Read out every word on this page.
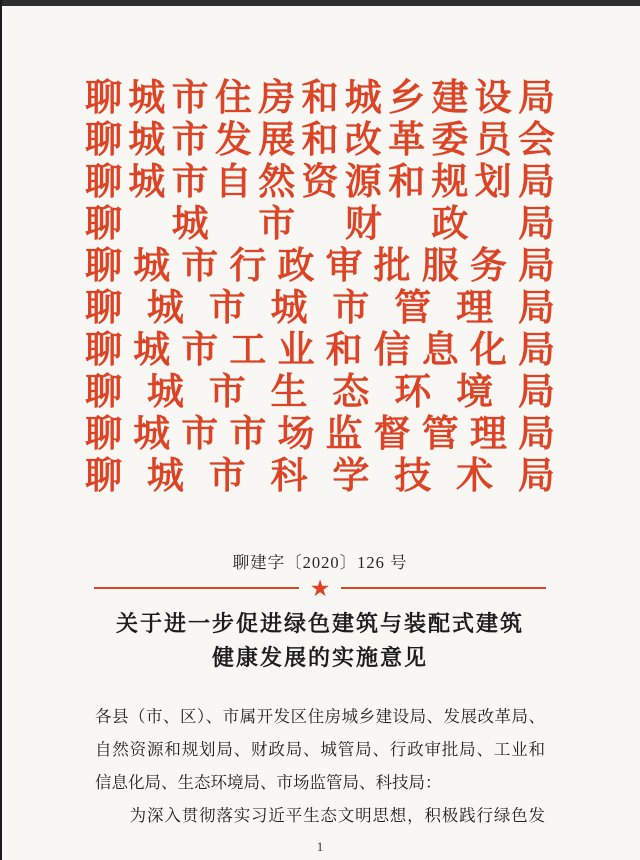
聊 城 市 住 房 和 城 乡 建 设 局
聊 城 市 发 展 和 改 革 委 员 会
聊 城 市 自 然 资 源 和 规 划 局
聊 城 市 财 政 局
聊 城 市 行 政 审 批 服 务 局
聊 城 市 城 市 管 理 局
聊 城 市 工 业 和 信 息 化 局
聊 城 市 生 态 环 境 局
聊 城 市 市 场 监 督 管 理 局
聊 城 市 科 学 技 术 局
聊建字〔2020〕126 号
★
关于进一步促进绿色建筑与装配式建筑
健康发展的实施意见
各县（市、区）、市属开发区住房城乡建设局、发展改革局、
自然资源和规划局、财政局、城管局、行政审批局、工业和
信息化局、生态环境局、市场监管局、科技局：
　　为深入贯彻落实习近平生态文明思想，积极践行绿色发
1
